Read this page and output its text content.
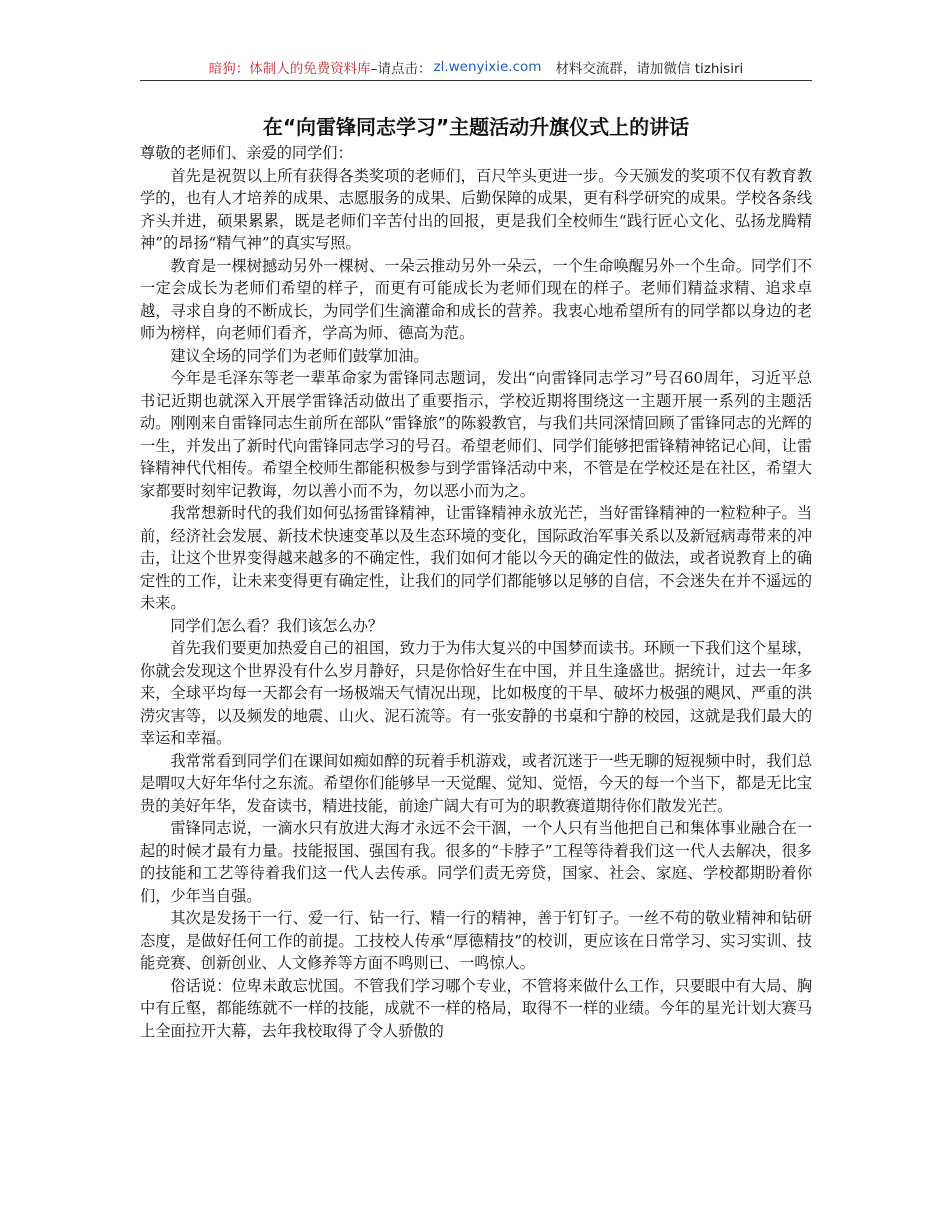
暗狗：体制人的免费资料库 –请点击： zl.wenyixie.com 材料交流群，请加微信 tizhisiri
在“向雷锋同志学习”主题活动升旗仪式上的讲话

尊敬的老师们、亲爱的同学们：

首先是祝贺以上所有获得各类奖项的老师们，百尺竿头更进一步。今天颁发的奖项不仅有教育教学的，也有人才培养的成果、志愿服务的成果、后勤保障的成果，更有科学研究的成果。学校各条线齐头并进，硕果累累，既是老师们辛苦付出的回报，更是我们全校师生“践行匠心文化、弘扬龙腾精神”的昂扬“精气神”的真实写照。

教育是一棵树撼动另外一棵树、一朵云推动另外一朵云，一个生命唤醒另外一个生命。同学们不一定会成长为老师们希望的样子，而更有可能成长为老师们现在的样子。老师们精益求精、追求卓越，寻求自身的不断成长，为同学们生滴灌命和成长的营养。我衷心地希望所有的同学都以身边的老师为榜样，向老师们看齐，学高为师、德高为范。

建议全场的同学们为老师们鼓掌加油。

今年是毛泽东等老一辈革命家为雷锋同志题词，发出“向雷锋同志学习”号召60周年，习近平总书记近期也就深入开展学雷锋活动做出了重要指示，学校近期将围绕这一主题开展一系列的主题活动。刚刚来自雷锋同志生前所在部队“雷锋旅”的陈毅教官，与我们共同深情回顾了雷锋同志的光辉的一生，并发出了新时代向雷锋同志学习的号召。希望老师们、同学们能够把雷锋精神铭记心间，让雷锋精神代代相传。希望全校师生都能积极参与到学雷锋活动中来，不管是在学校还是在社区，希望大家都要时刻牢记教诲，勿以善小而不为，勿以恶小而为之。

我常想新时代的我们如何弘扬雷锋精神，让雷锋精神永放光芒，当好雷锋精神的一粒粒种子。当前，经济社会发展、新技术快速变革以及生态环境的变化，国际政治军事关系以及新冠病毒带来的冲击，让这个世界变得越来越多的不确定性，我们如何才能以今天的确定性的做法，或者说教育上的确定性的工作，让未来变得更有确定性，让我们的同学们都能够以足够的自信，不会迷失在并不遥远的未来。

同学们怎么看？我们该怎么办？

首先我们要更加热爱自己的祖国，致力于为伟大复兴的中国梦而读书。环顾一下我们这个星球，你就会发现这个世界没有什么岁月静好，只是你恰好生在中国，并且生逢盛世。据统计，过去一年多来，全球平均每一天都会有一场极端天气情况出现，比如极度的干旱、破坏力极强的飓风、严重的洪涝灾害等，以及频发的地震、山火、泥石流等。有一张安静的书桌和宁静的校园，这就是我们最大的幸运和幸福。

我常常看到同学们在课间如痴如醉的玩着手机游戏，或者沉迷于一些无聊的短视频中时，我们总是喟叹大好年华付之东流。希望你们能够早一天觉醒、觉知、觉悟，今天的每一个当下，都是无比宝贵的美好年华，发奋读书，精进技能，前途广阔大有可为的职教赛道期待你们散发光芒。

雷锋同志说，一滴水只有放进大海才永远不会干涸，一个人只有当他把自己和集体事业融合在一起的时候才最有力量。技能报国、强国有我。很多的“卡脖子”工程等待着我们这一代人去解决，很多的技能和工艺等待着我们这一代人去传承。同学们责无旁贷，国家、社会、家庭、学校都期盼着你们，少年当自强。

其次是发扬干一行、爱一行、钻一行、精一行的精神，善于钉钉子。一丝不苟的敬业精神和钻研态度，是做好任何工作的前提。工技校人传承“厚德精技”的校训，更应该在日常学习、实习实训、技能竞赛、创新创业、人文修养等方面不鸣则已、一鸣惊人。

俗话说：位卑未敢忘忧国。不管我们学习哪个专业，不管将来做什么工作，只要眼中有大局、胸中有丘壑，都能练就不一样的技能，成就不一样的格局，取得不一样的业绩。今年的星光计划大赛马上全面拉开大幕，去年我校取得了令人骄傲的
